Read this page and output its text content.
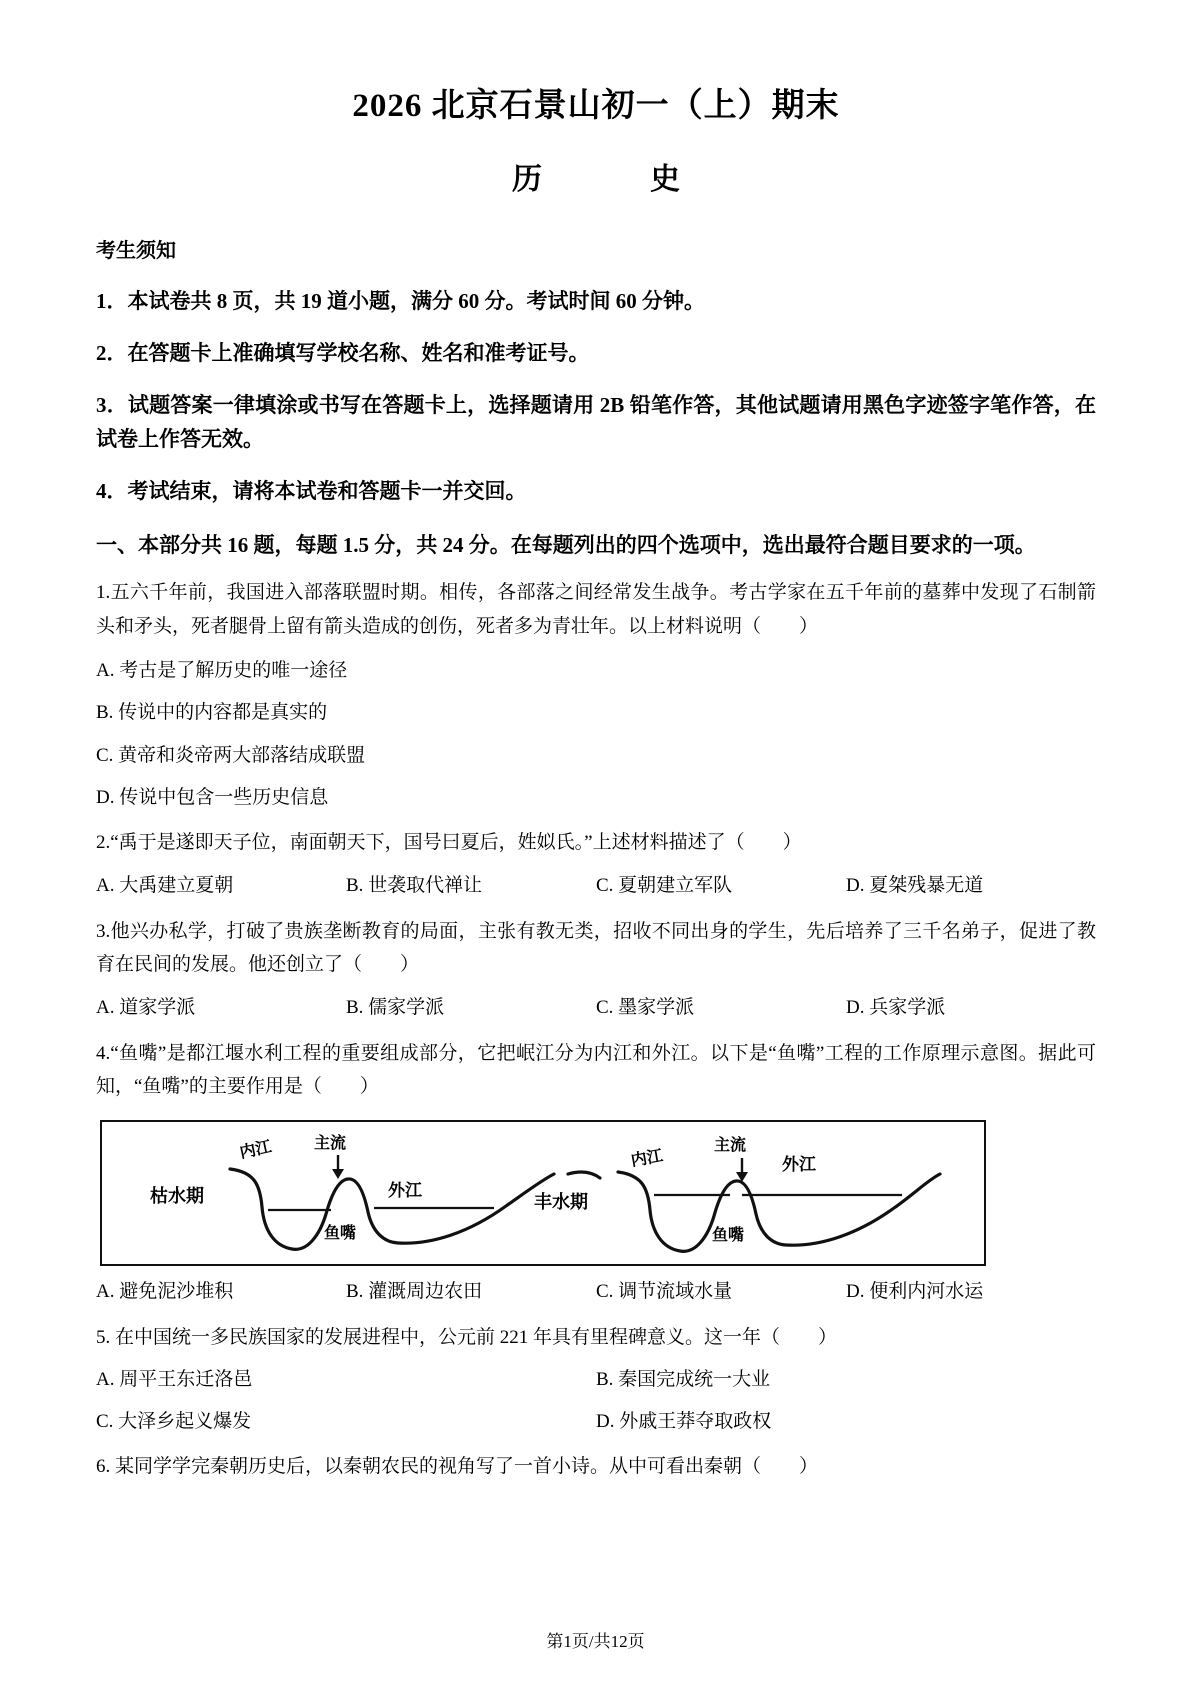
2026 北京石景山初一（上）期末
历　　史
考生须知
1．本试卷共 8 页，共 19 道小题，满分 60 分。考试时间 60 分钟。
2．在答题卡上准确填写学校名称、姓名和准考证号。
3．试题答案一律填涂或书写在答题卡上，选择题请用 2B 铅笔作答，其他试题请用黑色字迹签字笔作答，在试卷上作答无效。
4．考试结束，请将本试卷和答题卡一并交回。
一、本部分共 16 题，每题 1.5 分，共 24 分。在每题列出的四个选项中，选出最符合题目要求的一项。
1.五六千年前，我国进入部落联盟时期。相传，各部落之间经常发生战争。考古学家在五千年前的墓葬中发现了石制箭头和矛头，死者腿骨上留有箭头造成的创伤，死者多为青壮年。以上材料说明（　　）
A. 考古是了解历史的唯一途径
B. 传说中的内容都是真实的
C. 黄帝和炎帝两大部落结成联盟
D. 传说中包含一些历史信息
2.“禹于是遂即天子位，南面朝天下，国号曰夏后，姓姒氏。”上述材料描述了（　　）
A. 大禹建立夏朝	B. 世袭取代禅让	C. 夏朝建立军队	D. 夏桀残暴无道
3.他兴办私学，打破了贵族垄断教育的局面，主张有教无类，招收不同出身的学生，先后培养了三千名弟子，促进了教育在民间的发展。他还创立了（　　）
A. 道家学派	B. 儒家学派	C. 墨家学派	D. 兵家学派
4.“鱼嘴”是都江堰水利工程的重要组成部分，它把岷江分为内江和外江。以下是“鱼嘴”工程的工作原理示意图。据此可知，“鱼嘴”的主要作用是（　　）
枯水期
内江	主流
外江
鱼嘴
丰水期
内江
主流
外江
鱼嘴
A. 避免泥沙堆积	B. 灌溉周边农田	C. 调节流域水量	D. 便利内河水运
5. 在中国统一多民族国家的发展进程中，公元前 221 年具有里程碑意义。这一年（　　）
A. 周平王东迁洛邑	B. 秦国完成统一大业
C. 大泽乡起义爆发	D. 外戚王莽夺取政权
6. 某同学学完秦朝历史后，以秦朝农民的视角写了一首小诗。从中可看出秦朝（　　）
第1页/共12页
